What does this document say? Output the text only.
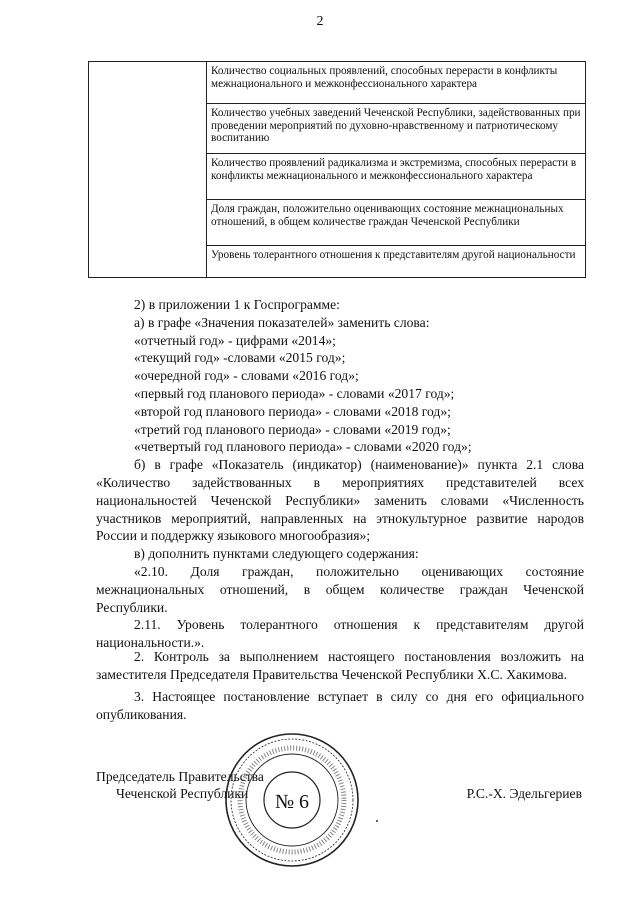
2
	Количество социальных проявлений, способных перерасти в конфликты межнационального и межконфессионального характера
Количество учебных заведений Чеченской Республики, задействованных при проведении мероприятий по духовно-нравственному и патриотическому воспитанию
Количество проявлений радикализма и экстремизма, способных перерасти в конфликты межнационального и межконфессионального характера
Доля граждан, положительно оценивающих состояние межнациональных отношений, в общем количестве граждан Чеченской Республики
Уровень толерантного отношения к представителям другой национальности

2) в приложении 1 к Госпрограмме:

а) в графе «Значения показателей» заменить слова:

«отчетный год» - цифрами «2014»;

«текущий год» -словами «2015 год»;

«очередной год» - словами «2016 год»;

«первый год планового периода» - словами «2017 год»;

«второй год планового периода» - словами «2018 год»;

«третий год планового периода» - словами «2019 год»;

«четвертый год планового периода» - словами «2020 год»;

б) в графе «Показатель (индикатор) (наименование)» пункта 2.1 слова «Количество задействованных в мероприятиях представителей всех национальностей Чеченской Республики» заменить словами «Численность участников мероприятий, направленных на этнокультурное развитие народов России и поддержку языкового многообразия»;

в) дополнить пунктами следующего содержания:

«2.10. Доля граждан, положительно оценивающих состояние межнациональных отношений, в общем количестве граждан Чеченской Республики.

2.11. Уровень толерантного отношения к представителям другой национальности.».

2. Контроль за выполнением настоящего постановления возложить на заместителя Председателя Правительства Чеченской Республики Х.С. Хакимова.

3. Настоящее постановление вступает в силу со дня его официального опубликования.

Председатель Правительства
Чеченской Республики	№ 6	Р.С.-Х. Эдельгериев
